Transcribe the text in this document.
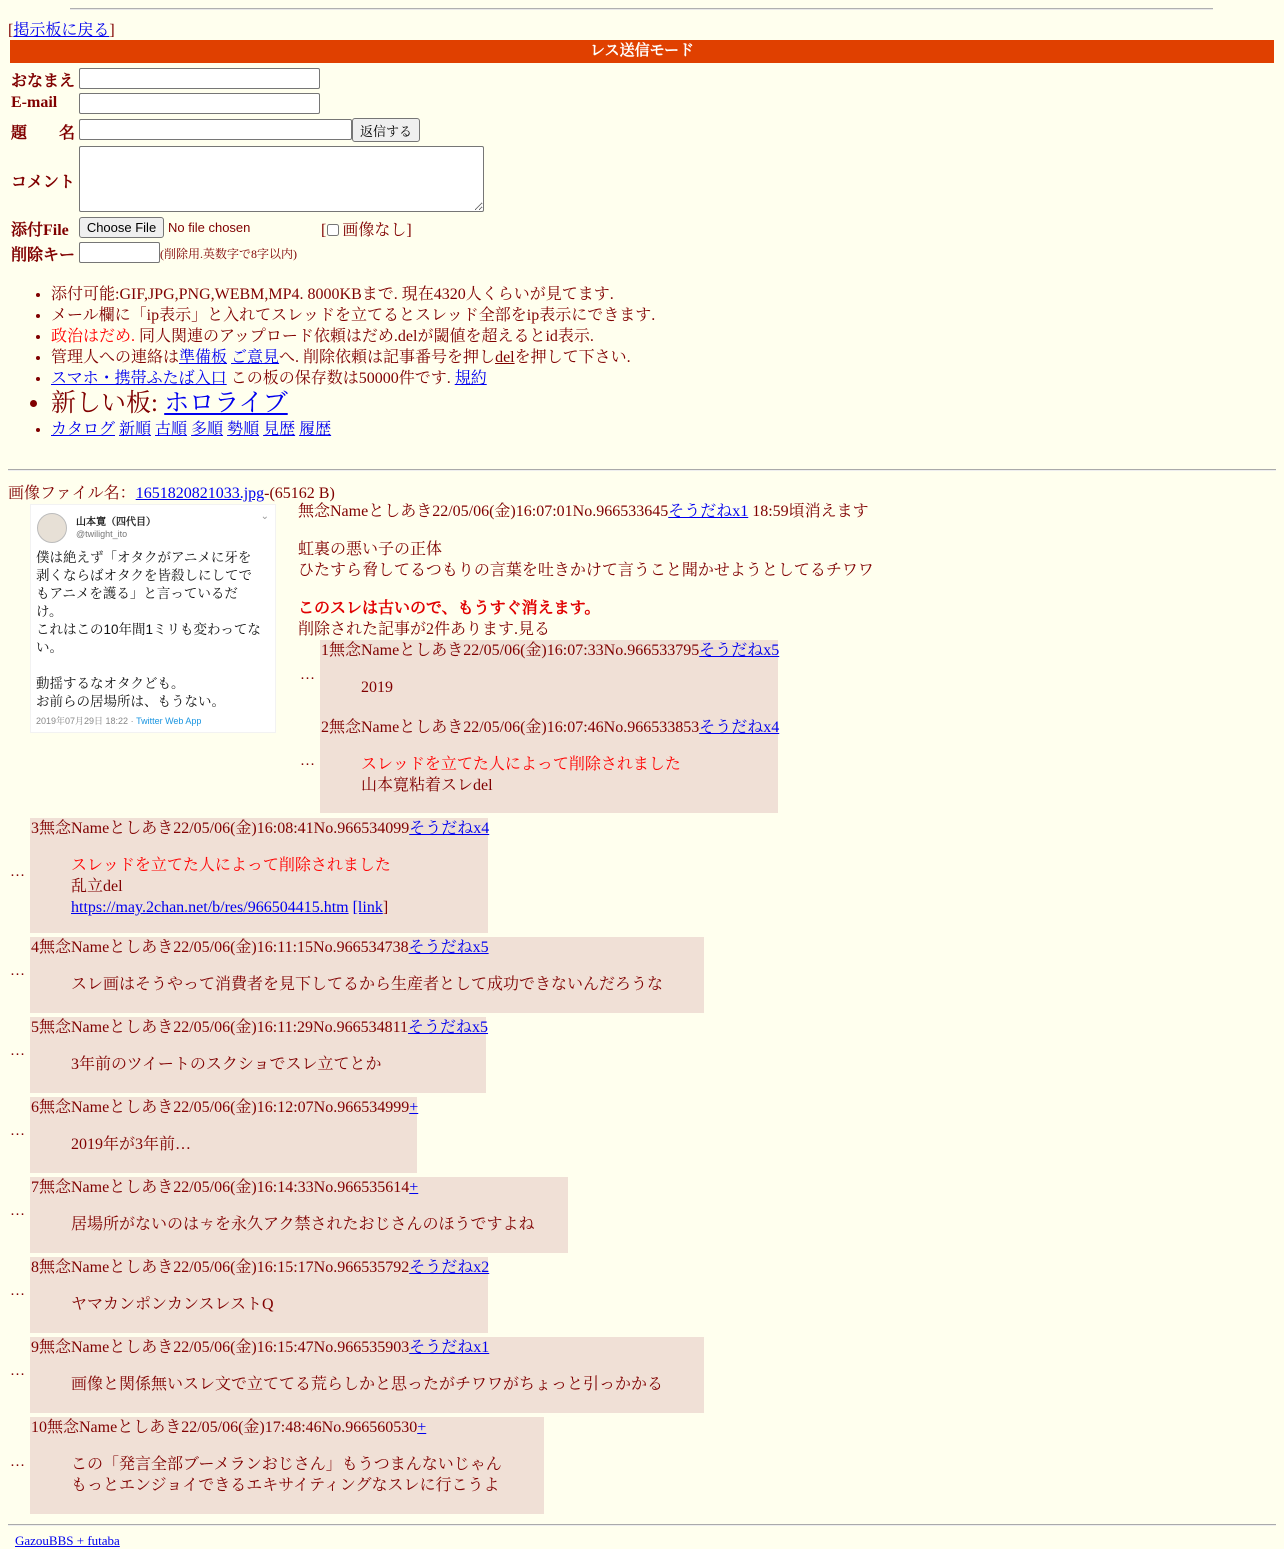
[掲示板に戻る]
レス送信モード
おなまえ
E-mail
題　　名	返信する
コメント
添付File	Choose File No file chosen	[ 画像なし]
削除キー	(削除用.英数字で8字以内)
• 添付可能:GIF,JPG,PNG,WEBM,MP4. 8000KBまで. 現在4320人くらいが見てます.
• メール欄に「ip表示」と入れてスレッドを立てるとスレッド全部をip表示にできます.
• 政治はだめ. 同人関連のアップロード依頼はだめ.delが閾値を超えるとid表示.
• 管理人への連絡は準備板 ご意見へ. 削除依頼は記事番号を押しdelを押して下さい.
• スマホ・携帯ふたば入口 この板の保存数は50000件です. 規約
• 新しい板: ホロライブ
• カタログ 新順 古順 多順 勢順 見歴 履歴
画像ファイル名：1651820821033.jpg-(65162 B)
山本寛（四代目）
@twilight_ito
⌄
僕は絶えず「オタクがアニメに牙を
剥くならばオタクを皆殺しにしてで
もアニメを護る」と言っているだ
け。
これはこの10年間1ミリも変わってな
い。
動揺するなオタクども。
お前らの居場所は、もうない。
2019年07月29日 18:22 · Twitter Web App
無念Nameとしあき22/05/06(金)16:07:01No.966533645そうだねx1 18:59頃消えます
虹裏の悪い子の正体
ひたすら脅してるつもりの言葉を吐きかけて言うこと聞かせようとしてるチワワ
このスレは古いので、もうすぐ消えます。
削除された記事が2件あります.見る
…
1無念Nameとしあき22/05/06(金)16:07:33No.966533795そうだねx5
2019
…
2無念Nameとしあき22/05/06(金)16:07:46No.966533853そうだねx4
スレッドを立てた人によって削除されました
山本寛粘着スレdel
…
3無念Nameとしあき22/05/06(金)16:08:41No.966534099そうだねx4
スレッドを立てた人によって削除されました
乱立del
https://may.2chan.net/b/res/966504415.htm [link]
…
4無念Nameとしあき22/05/06(金)16:11:15No.966534738そうだねx5
スレ画はそうやって消費者を見下してるから生産者として成功できないんだろうな
…
5無念Nameとしあき22/05/06(金)16:11:29No.966534811そうだねx5
3年前のツイートのスクショでスレ立てとか
…
6無念Nameとしあき22/05/06(金)16:12:07No.966534999+
2019年が3年前…
…
7無念Nameとしあき22/05/06(金)16:14:33No.966535614+
居場所がないのはㄘを永久アク禁されたおじさんのほうですよね
…
8無念Nameとしあき22/05/06(金)16:15:17No.966535792そうだねx2
ヤマカンポンカンスレストQ
…
9無念Nameとしあき22/05/06(金)16:15:47No.966535903そうだねx1
画像と関係無いスレ文で立ててる荒らしかと思ったがチワワがちょっと引っかかる
…
10無念Nameとしあき22/05/06(金)17:48:46No.966560530+
この「発言全部ブーメランおじさん」もうつまんないじゃん
もっとエンジョイできるエキサイティングなスレに行こうよ
GazouBBS + futaba
